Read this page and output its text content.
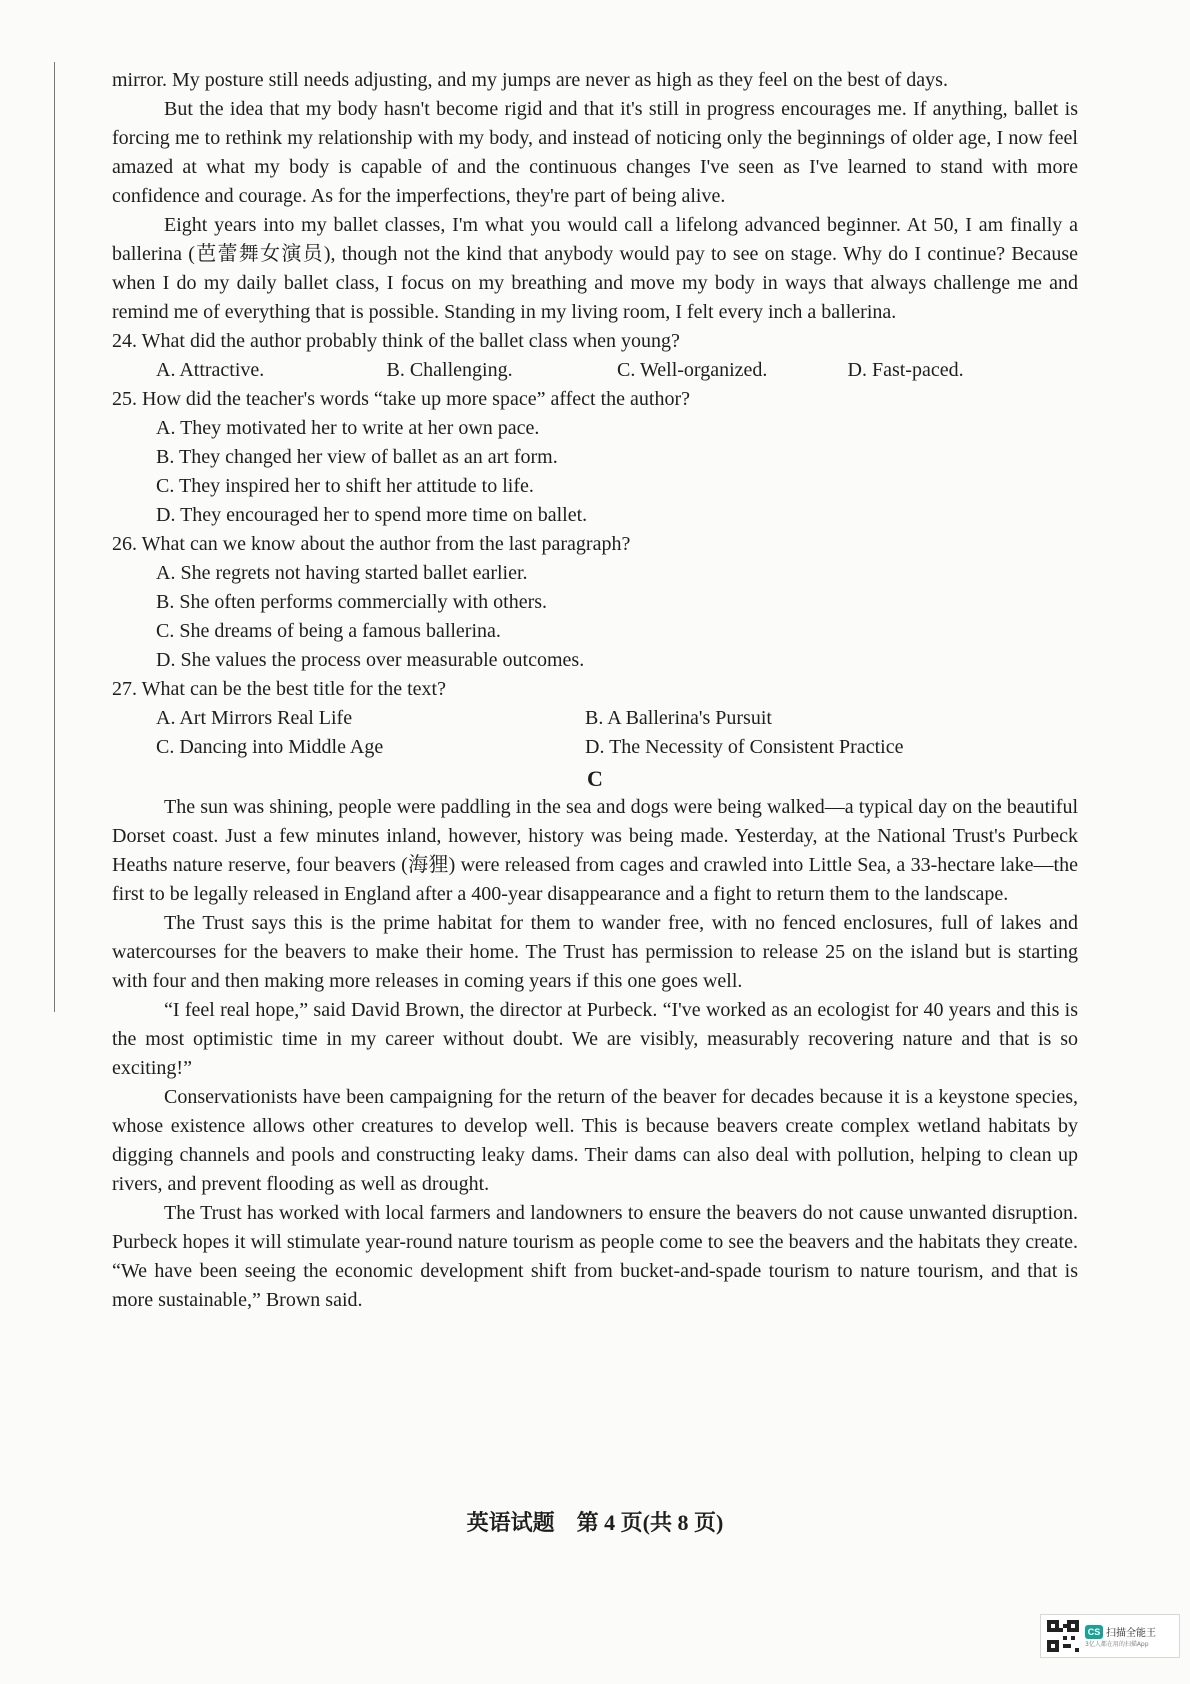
mirror. My posture still needs adjusting, and my jumps are never as high as they feel on the best of days.

But the idea that my body hasn't become rigid and that it's still in progress encourages me. If anything, ballet is forcing me to rethink my relationship with my body, and instead of noticing only the beginnings of older age, I now feel amazed at what my body is capable of and the continuous changes I've seen as I've learned to stand with more confidence and courage. As for the imperfections, they're part of being alive.

Eight years into my ballet classes, I'm what you would call a lifelong advanced beginner. At 50, I am finally a ballerina (芭蕾舞女演员), though not the kind that anybody would pay to see on stage. Why do I continue? Because when I do my daily ballet class, I focus on my breathing and move my body in ways that always challenge me and remind me of everything that is possible. Standing in my living room, I felt every inch a ballerina.

24. What did the author probably think of the ballet class when young?

A. Attractive.	B. Challenging.	C. Well-organized.	D. Fast-paced.

25. How did the teacher's words “take up more space” affect the author?

A. They motivated her to write at her own pace.

B. They changed her view of ballet as an art form.

C. They inspired her to shift her attitude to life.

D. They encouraged her to spend more time on ballet.

26. What can we know about the author from the last paragraph?

A. She regrets not having started ballet earlier.

B. She often performs commercially with others.

C. She dreams of being a famous ballerina.

D. She values the process over measurable outcomes.

27. What can be the best title for the text?

A. Art Mirrors Real Life	B. A Ballerina's Pursuit
C. Dancing into Middle Age	D. The Necessity of Consistent Practice

C

The sun was shining, people were paddling in the sea and dogs were being walked—a typical day on the beautiful Dorset coast. Just a few minutes inland, however, history was being made. Yesterday, at the National Trust's Purbeck Heaths nature reserve, four beavers (海狸) were released from cages and crawled into Little Sea, a 33-hectare lake—the first to be legally released in England after a 400-year disappearance and a fight to return them to the landscape.

The Trust says this is the prime habitat for them to wander free, with no fenced enclosures, full of lakes and watercourses for the beavers to make their home. The Trust has permission to release 25 on the island but is starting with four and then making more releases in coming years if this one goes well.

“I feel real hope,” said David Brown, the director at Purbeck. “I've worked as an ecologist for 40 years and this is the most optimistic time in my career without doubt. We are visibly, measurably recovering nature and that is so exciting!”

Conservationists have been campaigning for the return of the beaver for decades because it is a keystone species, whose existence allows other creatures to develop well. This is because beavers create complex wetland habitats by digging channels and pools and constructing leaky dams. Their dams can also deal with pollution, helping to clean up rivers, and prevent flooding as well as drought.

The Trust has worked with local farmers and landowners to ensure the beavers do not cause unwanted disruption. Purbeck hopes it will stimulate year-round nature tourism as people come to see the beavers and the habitats they create. “We have been seeing the economic development shift from bucket-and-spade tourism to nature tourism, and that is more sustainable,” Brown said.

英语试题　第 4 页(共 8 页)
CS 扫描全能王
3亿人都在用的扫描App
